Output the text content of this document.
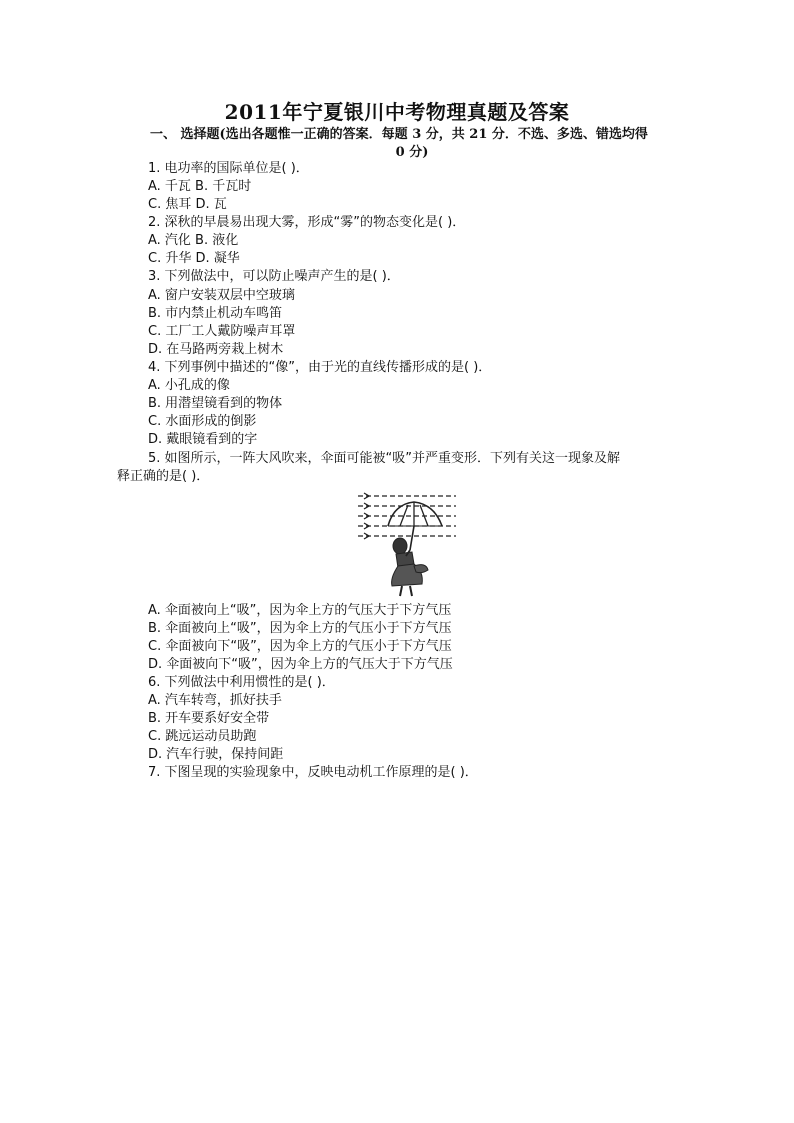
2011年宁夏银川中考物理真题及答案
一、 选择题(选出各题惟一正确的答案．每题 3 分，共 21 分．不选、多选、错选均得
0 分)
1. 电功率的国际单位是( )．
A. 千瓦 B. 千瓦时
C. 焦耳 D. 瓦
2. 深秋的早晨易出现大雾，形成“雾”的物态变化是( )．
A. 汽化 B. 液化
C. 升华 D. 凝华
3. 下列做法中，可以防止噪声产生的是( )．
A. 窗户安装双层中空玻璃
B. 市内禁止机动车鸣笛
C. 工厂工人戴防噪声耳罩
D. 在马路两旁栽上树木
4. 下列事例中描述的“像”，由于光的直线传播形成的是( )．
A. 小孔成的像
B. 用潜望镜看到的物体
C. 水面形成的倒影
D. 戴眼镜看到的字
5. 如图所示，一阵大风吹来，伞面可能被“吸”并严重变形．下列有关这一现象及解
释正确的是( )．
A. 伞面被向上“吸”，因为伞上方的气压大于下方气压
B. 伞面被向上“吸”，因为伞上方的气压小于下方气压
C. 伞面被向下“吸”，因为伞上方的气压小于下方气压
D. 伞面被向下“吸”，因为伞上方的气压大于下方气压
6. 下列做法中利用惯性的是( )．
A. 汽车转弯，抓好扶手
B. 开车要系好安全带
C. 跳远运动员助跑
D. 汽车行驶，保持间距
7. 下图呈现的实验现象中，反映电动机工作原理的是( )．
